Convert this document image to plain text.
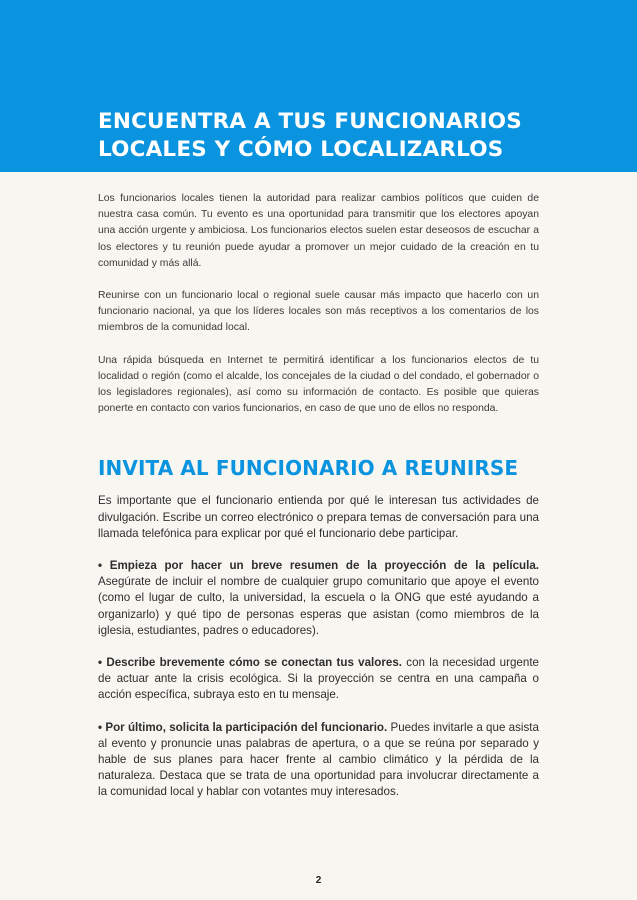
ENCUENTRA A TUS FUNCIONARIOS LOCALES Y CÓMO LOCALIZARLOS

Los funcionarios locales tienen la autoridad para realizar cambios políticos que cuiden de nuestra casa común. Tu evento es una oportunidad para transmitir que los electores apoyan una acción urgente y ambiciosa. Los funcionarios electos suelen estar deseosos de escuchar a los electores y tu reunión puede ayudar a promover un mejor cuidado de la creación en tu comunidad y más allá.

Reunirse con un funcionario local o regional suele causar más impacto que hacerlo con un funcionario nacional, ya que los líderes locales son más receptivos a los comentarios de los miembros de la comunidad local.

Una rápida búsqueda en Internet te permitirá identificar a los funcionarios electos de tu localidad o región (como el alcalde, los concejales de la ciudad o del condado, el gobernador o los legisladores regionales), así como su información de contacto. Es posible que quieras ponerte en contacto con varios funcionarios, en caso de que uno de ellos no responda.

INVITA AL FUNCIONARIO A REUNIRSE

Es importante que el funcionario entienda por qué le interesan tus actividades de divulgación. Escribe un correo electrónico o prepara temas de conversación para una llamada telefónica para explicar por qué el funcionario debe participar.

• Empieza por hacer un breve resumen de la proyección de la película. Asegúrate de incluir el nombre de cualquier grupo comunitario que apoye el evento (como el lugar de culto, la universidad, la escuela o la ONG que esté ayudando a organizarlo) y qué tipo de personas esperas que asistan (como miembros de la iglesia, estudiantes, padres o educadores).

• Describe brevemente cómo se conectan tus valores. con la necesidad urgente de actuar ante la crisis ecológica. Si la proyección se centra en una campaña o acción específica, subraya esto en tu mensaje.

• Por último, solicita la participación del funcionario. Puedes invitarle a que asista al evento y pronuncie unas palabras de apertura, o a que se reúna por separado y hable de sus planes para hacer frente al cambio climático y la pérdida de la naturaleza. Destaca que se trata de una oportunidad para involucrar directamente a la comunidad local y hablar con votantes muy interesados.

2
